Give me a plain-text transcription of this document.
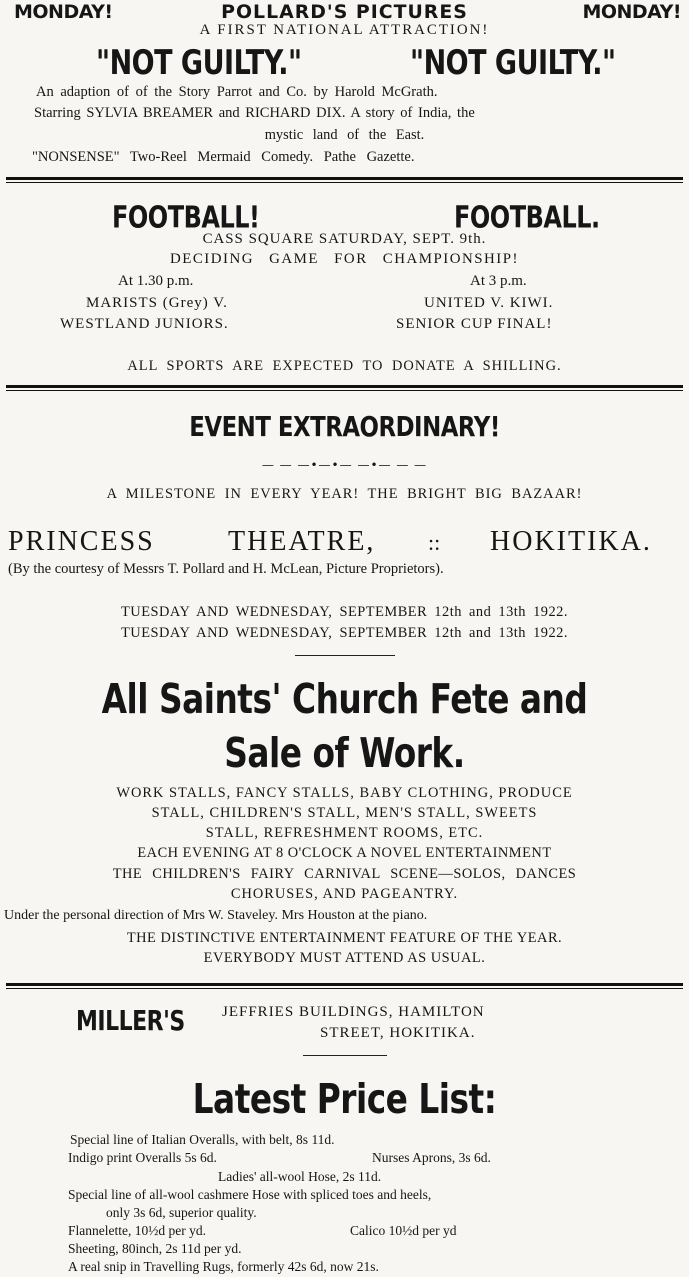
MONDAY!	POLLARD'S PICTURES	MONDAY!
A FIRST NATIONAL ATTRACTION!
"NOT GUILTY."	"NOT GUILTY."
An adaption of of the Story Parrot and Co. by Harold McGrath.
Starring SYLVIA BREAMER and RICHARD DIX. A story of India, the
mystic land of the East.
"NONSENSE" Two-Reel Mermaid Comedy. Pathe Gazette.
FOOTBALL!	FOOTBALL.
CASS SQUARE SATURDAY, SEPT. 9th.
DECIDING GAME FOR CHAMPIONSHIP!
At 1.30 p.m.	At 3 p.m.
MARISTS (Grey) V.	UNITED V. KIWI.
WESTLAND JUNIORS.	SENIOR CUP FINAL!
ALL SPORTS ARE EXPECTED TO DONATE A SHILLING.
EVENT EXTRAORDINARY!
— — —•—•— —•— — —
A MILESTONE IN EVERY YEAR! THE BRIGHT BIG BAZAAR!
PRINCESS	THEATRE, :: HOKITIKA.
(By the courtesy of Messrs T. Pollard and H. McLean, Picture Proprietors).
TUESDAY AND WEDNESDAY, SEPTEMBER 12th and 13th 1922.
TUESDAY AND WEDNESDAY, SEPTEMBER 12th and 13th 1922.
All Saints' Church Fete and
Sale of Work.
WORK STALLS, FANCY STALLS, BABY CLOTHING, PRODUCE
STALL, CHILDREN'S STALL, MEN'S STALL, SWEETS
STALL, REFRESHMENT ROOMS, ETC.
EACH EVENING AT 8 O'CLOCK A NOVEL ENTERTAINMENT
THE CHILDREN'S FAIRY CARNIVAL SCENE—SOLOS, DANCES
CHORUSES, AND PAGEANTRY.
Under the personal direction of Mrs W. Staveley. Mrs Houston at the piano.
THE DISTINCTIVE ENTERTAINMENT FEATURE OF THE YEAR.
EVERYBODY MUST ATTEND AS USUAL.
MILLER'S JEFFRIES BUILDINGS, HAMILTON
STREET, HOKITIKA.
Latest Price List:
Special line of Italian Overalls, with belt, 8s 11d.
Indigo print Overalls 5s 6d.	Nurses Aprons, 3s 6d.
Ladies' all-wool Hose, 2s 11d.
Special line of all-wool cashmere Hose with spliced toes and heels,
only 3s 6d, superior quality.
Flannelette, 10½d per yd.	Calico 10½d per yd
Sheeting, 80inch, 2s 11d per yd.
A real snip in Travelling Rugs, formerly 42s 6d, now 21s.
